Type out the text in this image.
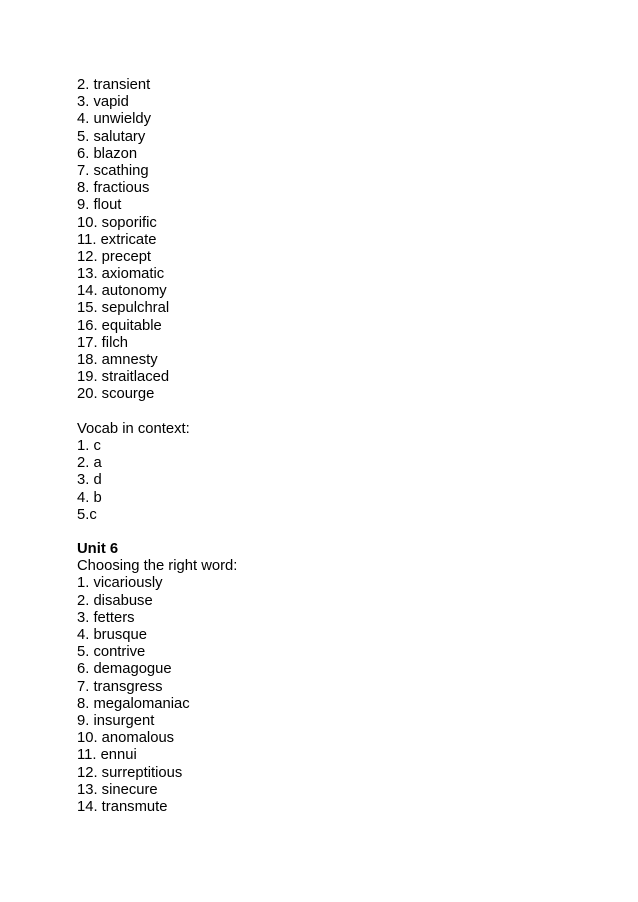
2. transient
3. vapid
4. unwieldy
5. salutary
6. blazon
7. scathing
8. fractious
9. flout
10. soporific
11. extricate
12. precept
13. axiomatic
14. autonomy
15. sepulchral
16. equitable
17. filch
18. amnesty
19. straitlaced
20. scourge
Vocab in context:
1. c
2. a
3. d
4. b
5.c
Unit 6
Choosing the right word:
1. vicariously
2. disabuse
3. fetters
4. brusque
5. contrive
6. demagogue
7. transgress
8. megalomaniac
9. insurgent
10. anomalous
11. ennui
12. surreptitious
13. sinecure
14. transmute
